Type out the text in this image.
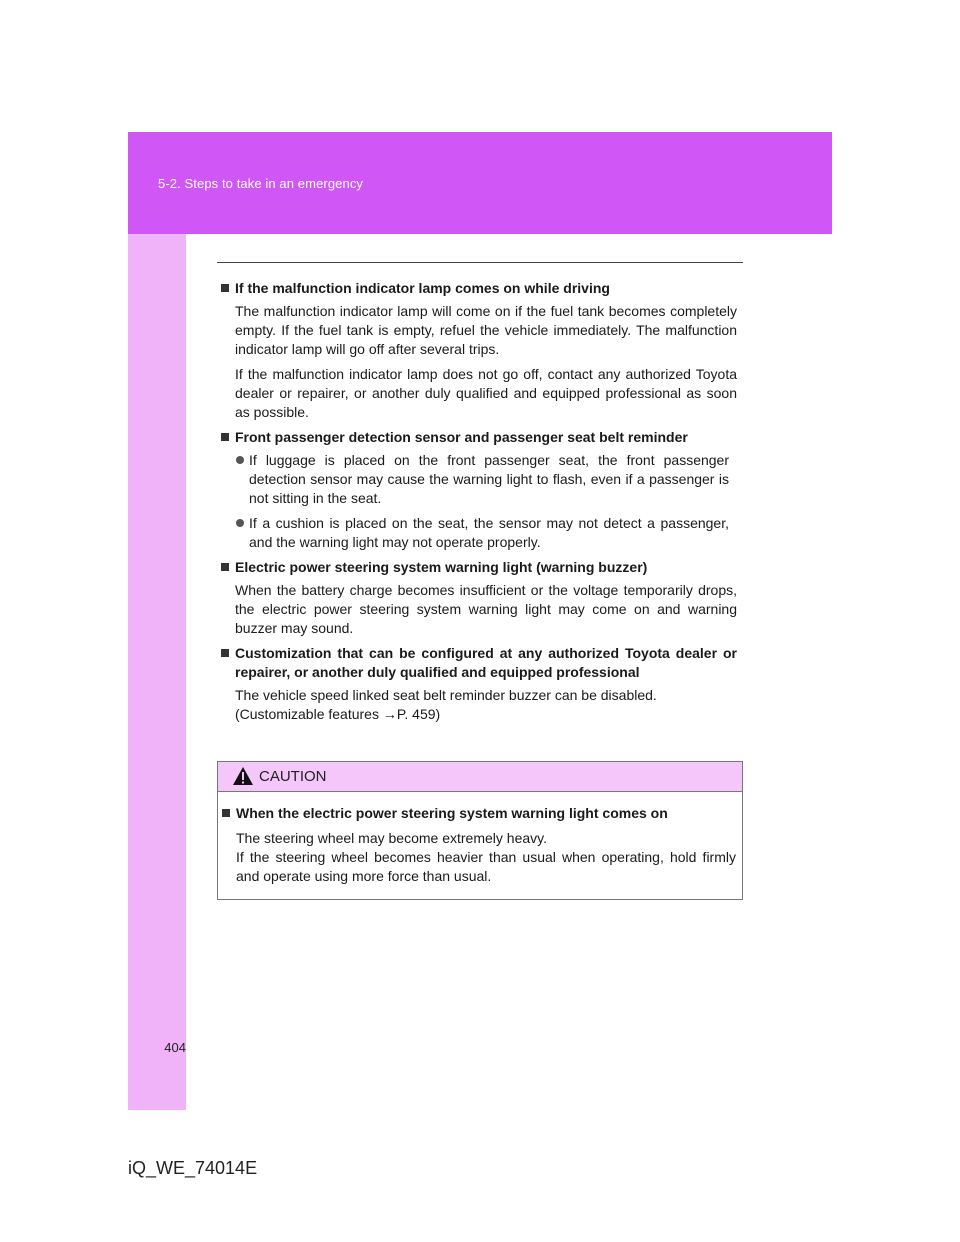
5-2. Steps to take in an emergency
404
iQ_WE_74014E
If the malfunction indicator lamp comes on while driving

The malfunction indicator lamp will come on if the fuel tank becomes completely empty. If the fuel tank is empty, refuel the vehicle immediately. The malfunction indicator lamp will go off after several trips.

If the malfunction indicator lamp does not go off, contact any authorized Toyota dealer or repairer, or another duly qualified and equipped professional as soon as possible.

Front passenger detection sensor and passenger seat belt reminder
If luggage is placed on the front passenger seat, the front passenger detection sensor may cause the warning light to flash, even if a passenger is not sitting in the seat.
If a cushion is placed on the seat, the sensor may not detect a passenger, and the warning light may not operate properly.
Electric power steering system warning light (warning buzzer)

When the battery charge becomes insufficient or the voltage temporarily drops, the electric power steering system warning light may come on and warning buzzer may sound.

Customization that can be configured at any authorized Toyota dealer or repairer, or another duly qualified and equipped professional

The vehicle speed linked seat belt reminder buzzer can be disabled.
(Customizable features →P. 459)

CAUTION
When the electric power steering system warning light comes on

The steering wheel may become extremely heavy.
If the steering wheel becomes heavier than usual when operating, hold firmly and operate using more force than usual.
